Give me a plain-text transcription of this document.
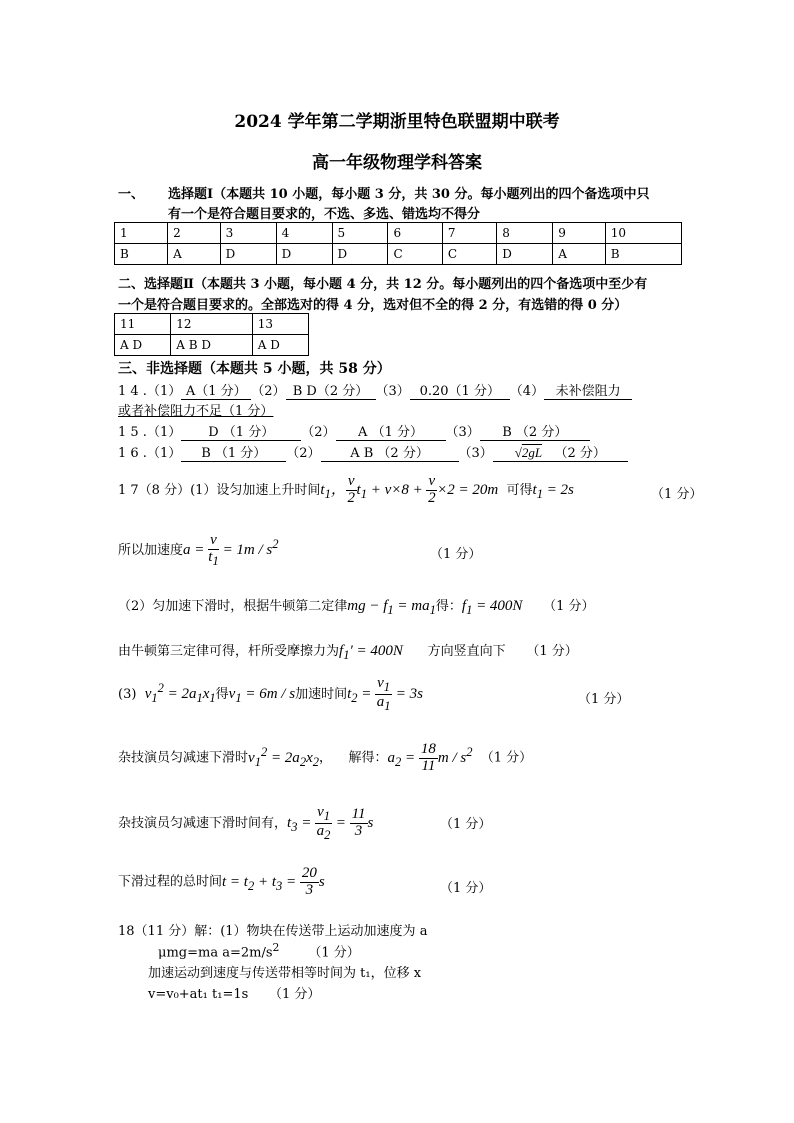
2024 学年第二学期浙里特色联盟期中联考
高一年级物理学科答案
一、 选择题Ⅰ（本题共 10 小题，每小题 3 分，共 30 分。每小题列出的四个备选项中只
有一个是符合题目要求的，不选、多选、错选均不得分
1	2	3	4	5	6	7	8	9	10
B	A	D	D	D	C	C	D	A	B
二、选择题Ⅱ（本题共 3 小题，每小题 4 分，共 12 分。每小题列出的四个备选项中至少有
一个是符合题目要求的。全部选对的得 4 分，选对但不全的得 2 分，有选错的得 0 分）
11	12	13
A D	A B D	A D
三、非选择题（本题共 5 小题，共 58 分）
1 4 .（1） A（1 分） （2） B D（2 分） （3） 0.20（1 分） （4） 未补偿阻力
或者补偿阻力不足（1 分）
1 5 .（1） D （1 分） （2） A （1 分） （3） B （2 分）
1 6 .（1） B （1 分） （2） A B （2 分） （3） √2gL （2 分）
1 7（8 分）(1）设匀加速上升时间$t_1$， $\frac{v}{2} t_1 + v\times 8 + \frac{v}{2} \times 2 = 20m$ 可得$t_1 = 2s$	（1 分）
所以加速度$a = \frac{v}{t_1} = 1m / s^2$
（1 分）
（2）匀加速下滑时，根据牛顿第二定律mg − $f_1 = ma_1$得：$f_1 = 400N$ （1 分）
由牛顿第三定律可得，杆所受摩擦力为$f_1' = 400N$ 方向竖直向下 （1 分）
(3) $v_1^2 = 2a_1x_1$得$v_1 = 6m / s$加速时间$t_2 = \frac{v_1}{a_1} = 3s$	（1 分）
杂技演员匀减速下滑时$v_1^2 = 2a_2x_2$，    解得：$a_2 = \frac{18}{11}$ m / $s^2$ （1 分）
杂技演员匀减速下滑时间有，$t_3 = \frac{v_1}{a_2} = \frac{11}{3}$ s	（1 分）
下滑过程的总时间$t = t_2 + t_3 = \frac{20}{3}$ s	（1 分）
18（11 分）解：(1）物块在传送带上运动加速度为 a
μmg=ma $a=2m/s^2$ （1 分）
加速运动到速度与传送带相等时间为 t₁，位移 x
v=v₀+at₁ t₁=1s （1 分）
